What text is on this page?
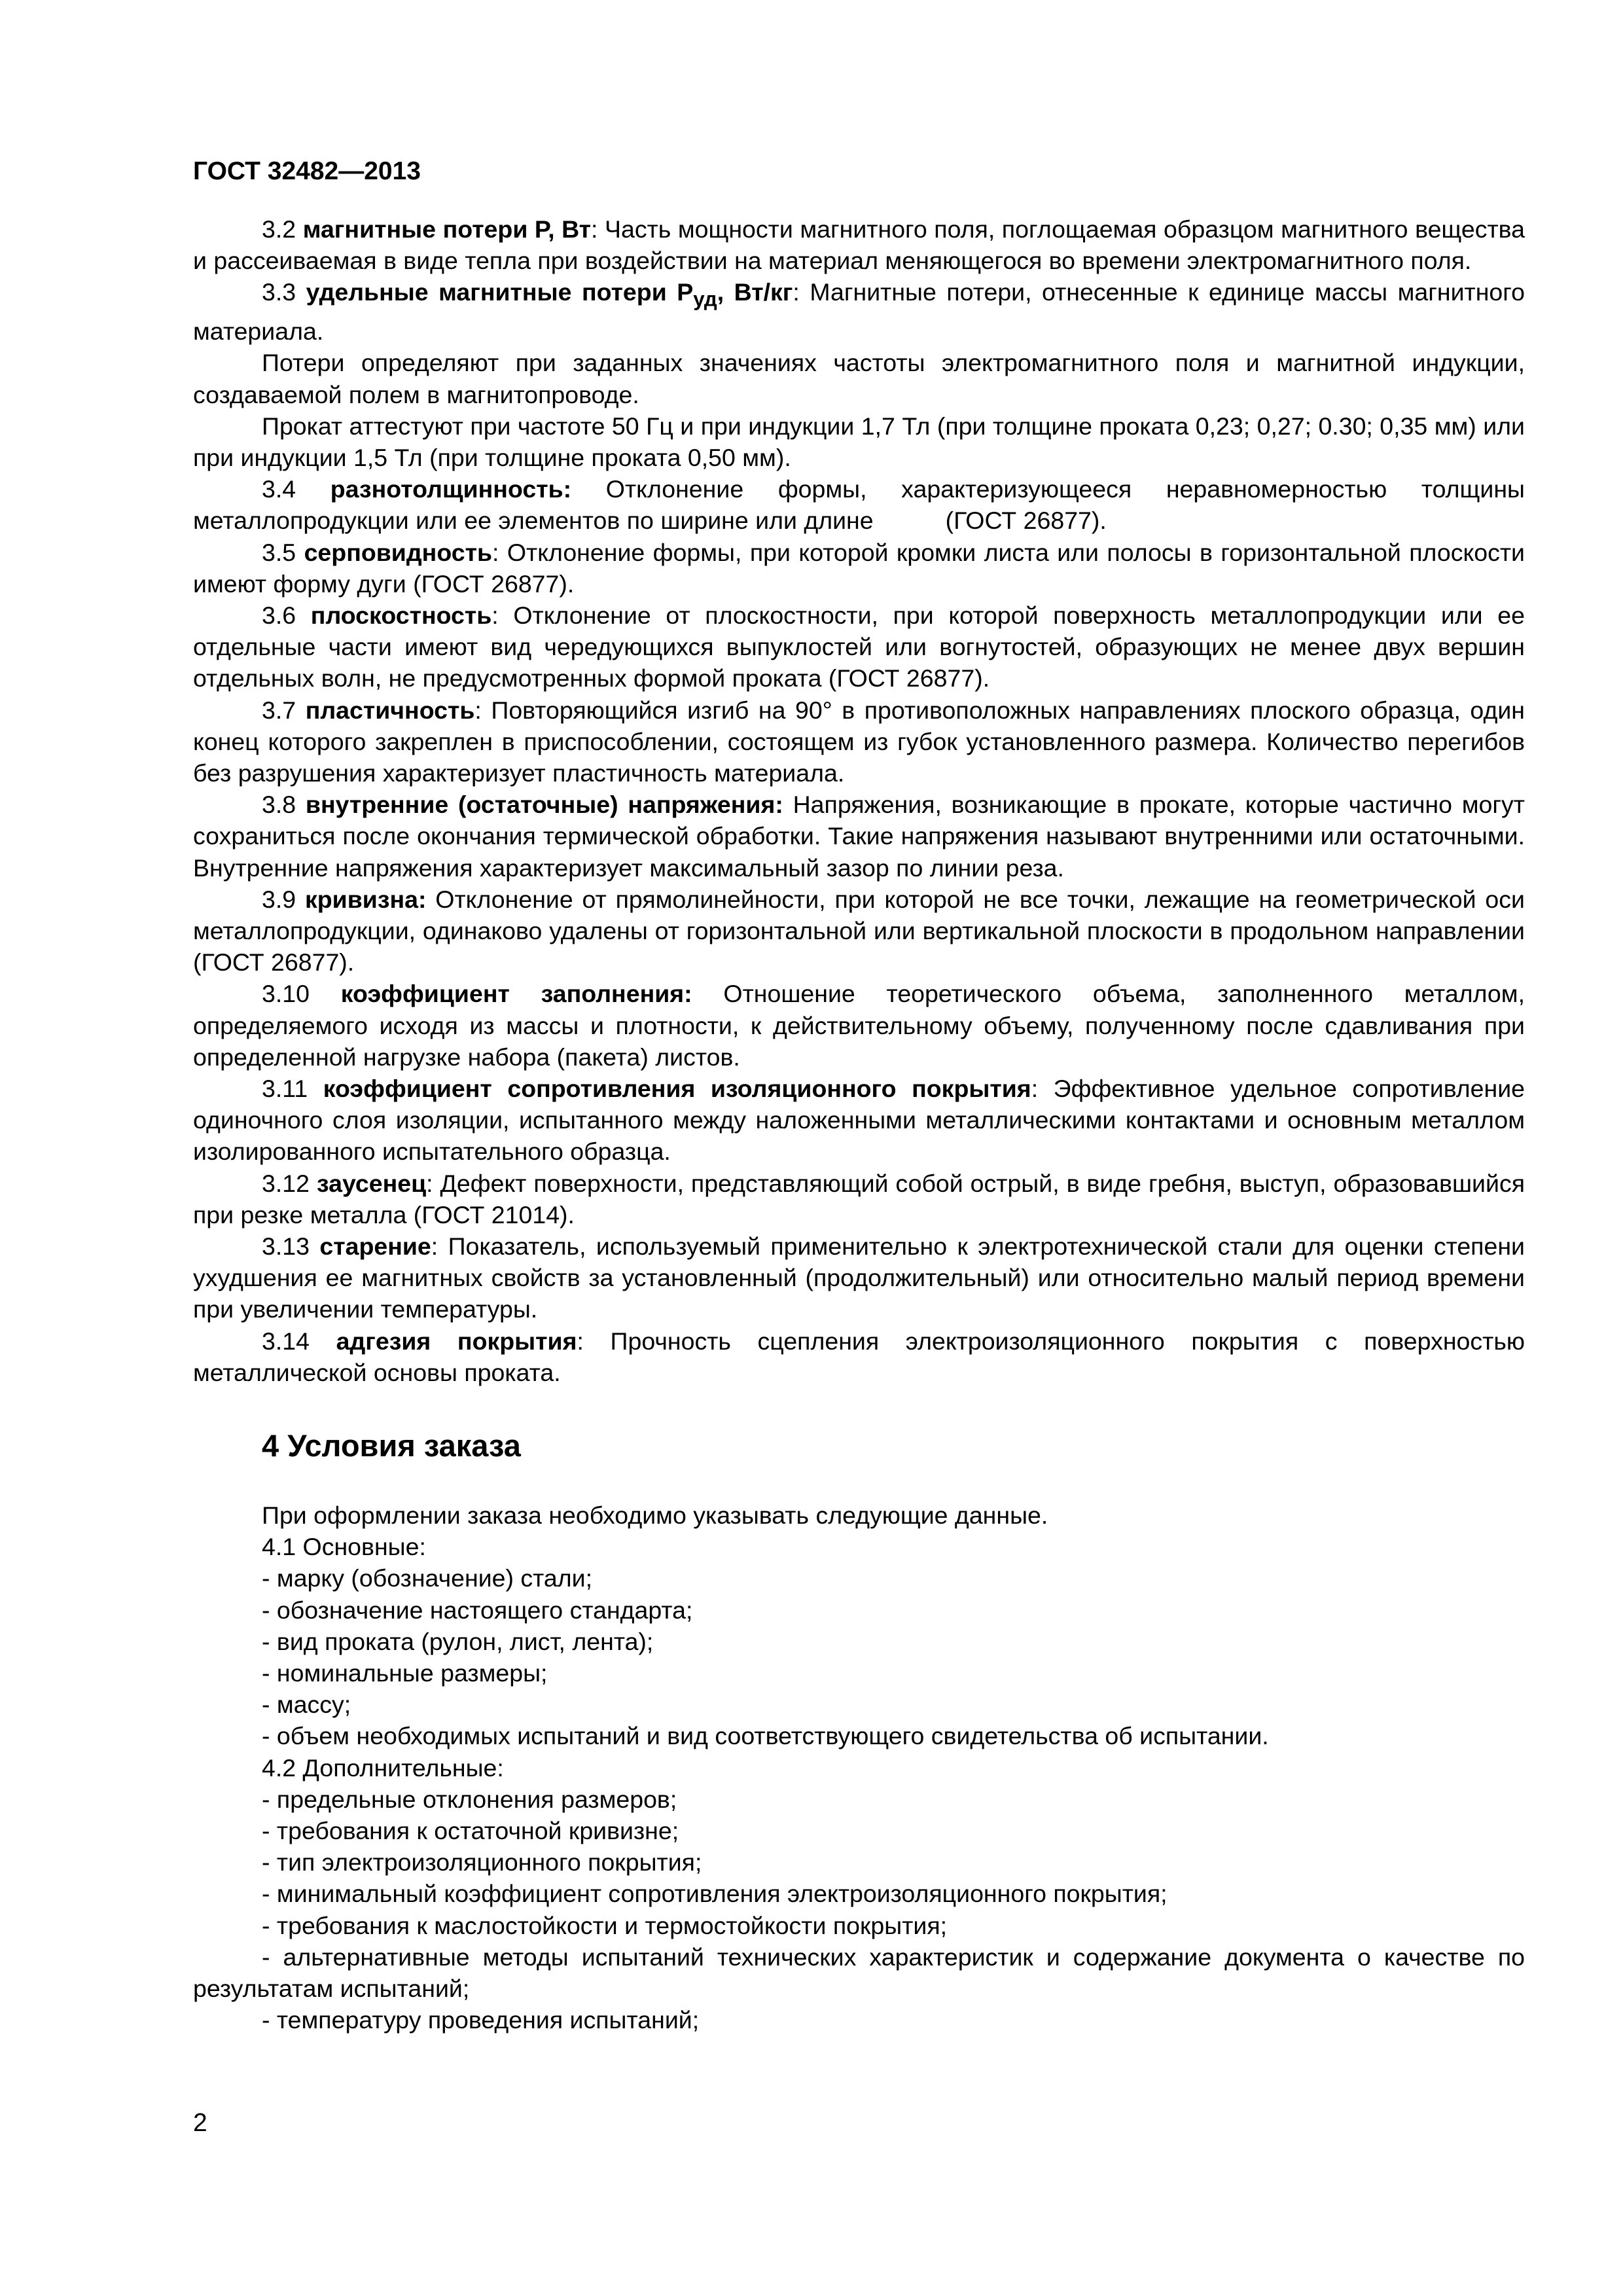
ГОСТ 32482—2013

3.2 магнитные потери P, Вт: Часть мощности магнитного поля, поглощаемая образцом магнитного вещества и рассеиваемая в виде тепла при воздействии на материал меняющегося во времени электромагнитного поля.

3.3 удельные магнитные потери $P_{уд}$, Вт/кг: Магнитные потери, отнесенные к единице массы магнитного материала.

Потери определяют при заданных значениях частоты электромагнитного поля и магнитной индукции, создаваемой полем в магнитопроводе.

Прокат аттестуют при частоте 50 Гц и при индукции 1,7 Тл (при толщине проката 0,23; 0,27; 0.30; 0,35 мм) или при индукции 1,5 Тл (при толщине проката 0,50 мм).

3.4 разнотолщинность: Отклонение формы, характеризующееся неравномерностью толщины металлопродукции или ее элементов по ширине или длине	(ГОСТ 26877).

3.5 серповидность: Отклонение формы, при которой кромки листа или полосы в горизонтальной плоскости имеют форму дуги (ГОСТ 26877).

3.6 плоскостность: Отклонение от плоскостности, при которой поверхность металлопродукции или ее отдельные части имеют вид чередующихся выпуклостей или вогнутостей, образующих не менее двух вершин отдельных волн, не предусмотренных формой проката (ГОСТ 26877).

3.7 пластичность: Повторяющийся изгиб на 90° в противоположных направлениях плоского образца, один конец которого закреплен в приспособлении, состоящем из губок установленного размера. Количество перегибов без разрушения характеризует пластичность материала.

3.8 внутренние (остаточные) напряжения: Напряжения, возникающие в прокате, которые частично могут сохраниться после окончания термической обработки. Такие напряжения называют внутренними или остаточными. Внутренние напряжения характеризует максимальный зазор по линии реза.

3.9 кривизна: Отклонение от прямолинейности, при которой не все точки, лежащие на геометрической оси металлопродукции, одинаково удалены от горизонтальной или вертикальной плоскости в продольном направлении (ГОСТ 26877).

3.10 коэффициент заполнения: Отношение теоретического объема, заполненного металлом, определяемого исходя из массы и плотности, к действительному объему, полученному после сдавливания при определенной нагрузке набора (пакета) листов.

3.11 коэффициент сопротивления изоляционного покрытия: Эффективное удельное сопротивление одиночного слоя изоляции, испытанного между наложенными металлическими контактами и основным металлом изолированного испытательного образца.

3.12 заусенец: Дефект поверхности, представляющий собой острый, в виде гребня, выступ, образовавшийся при резке металла (ГОСТ 21014).

3.13 старение: Показатель, используемый применительно к электротехнической стали для оценки степени ухудшения ее магнитных свойств за установленный (продолжительный) или относительно малый период времени при увеличении температуры.

3.14 адгезия покрытия: Прочность сцепления электроизоляционного покрытия с поверхностью металлической основы проката.

4 Условия заказа

При оформлении заказа необходимо указывать следующие данные.

4.1 Основные:

- марку (обозначение) стали;

- обозначение настоящего стандарта;

- вид проката (рулон, лист, лента);

- номинальные размеры;

- массу;

- объем необходимых испытаний и вид соответствующего свидетельства об испытании.

4.2 Дополнительные:

- предельные отклонения размеров;

- требования к остаточной кривизне;

- тип электроизоляционного покрытия;

- минимальный коэффициент сопротивления электроизоляционного покрытия;

- требования к маслостойкости и термостойкости покрытия;

- альтернативные методы испытаний технических характеристик и содержание документа о качестве по результатам испытаний;

- температуру проведения испытаний;

2
